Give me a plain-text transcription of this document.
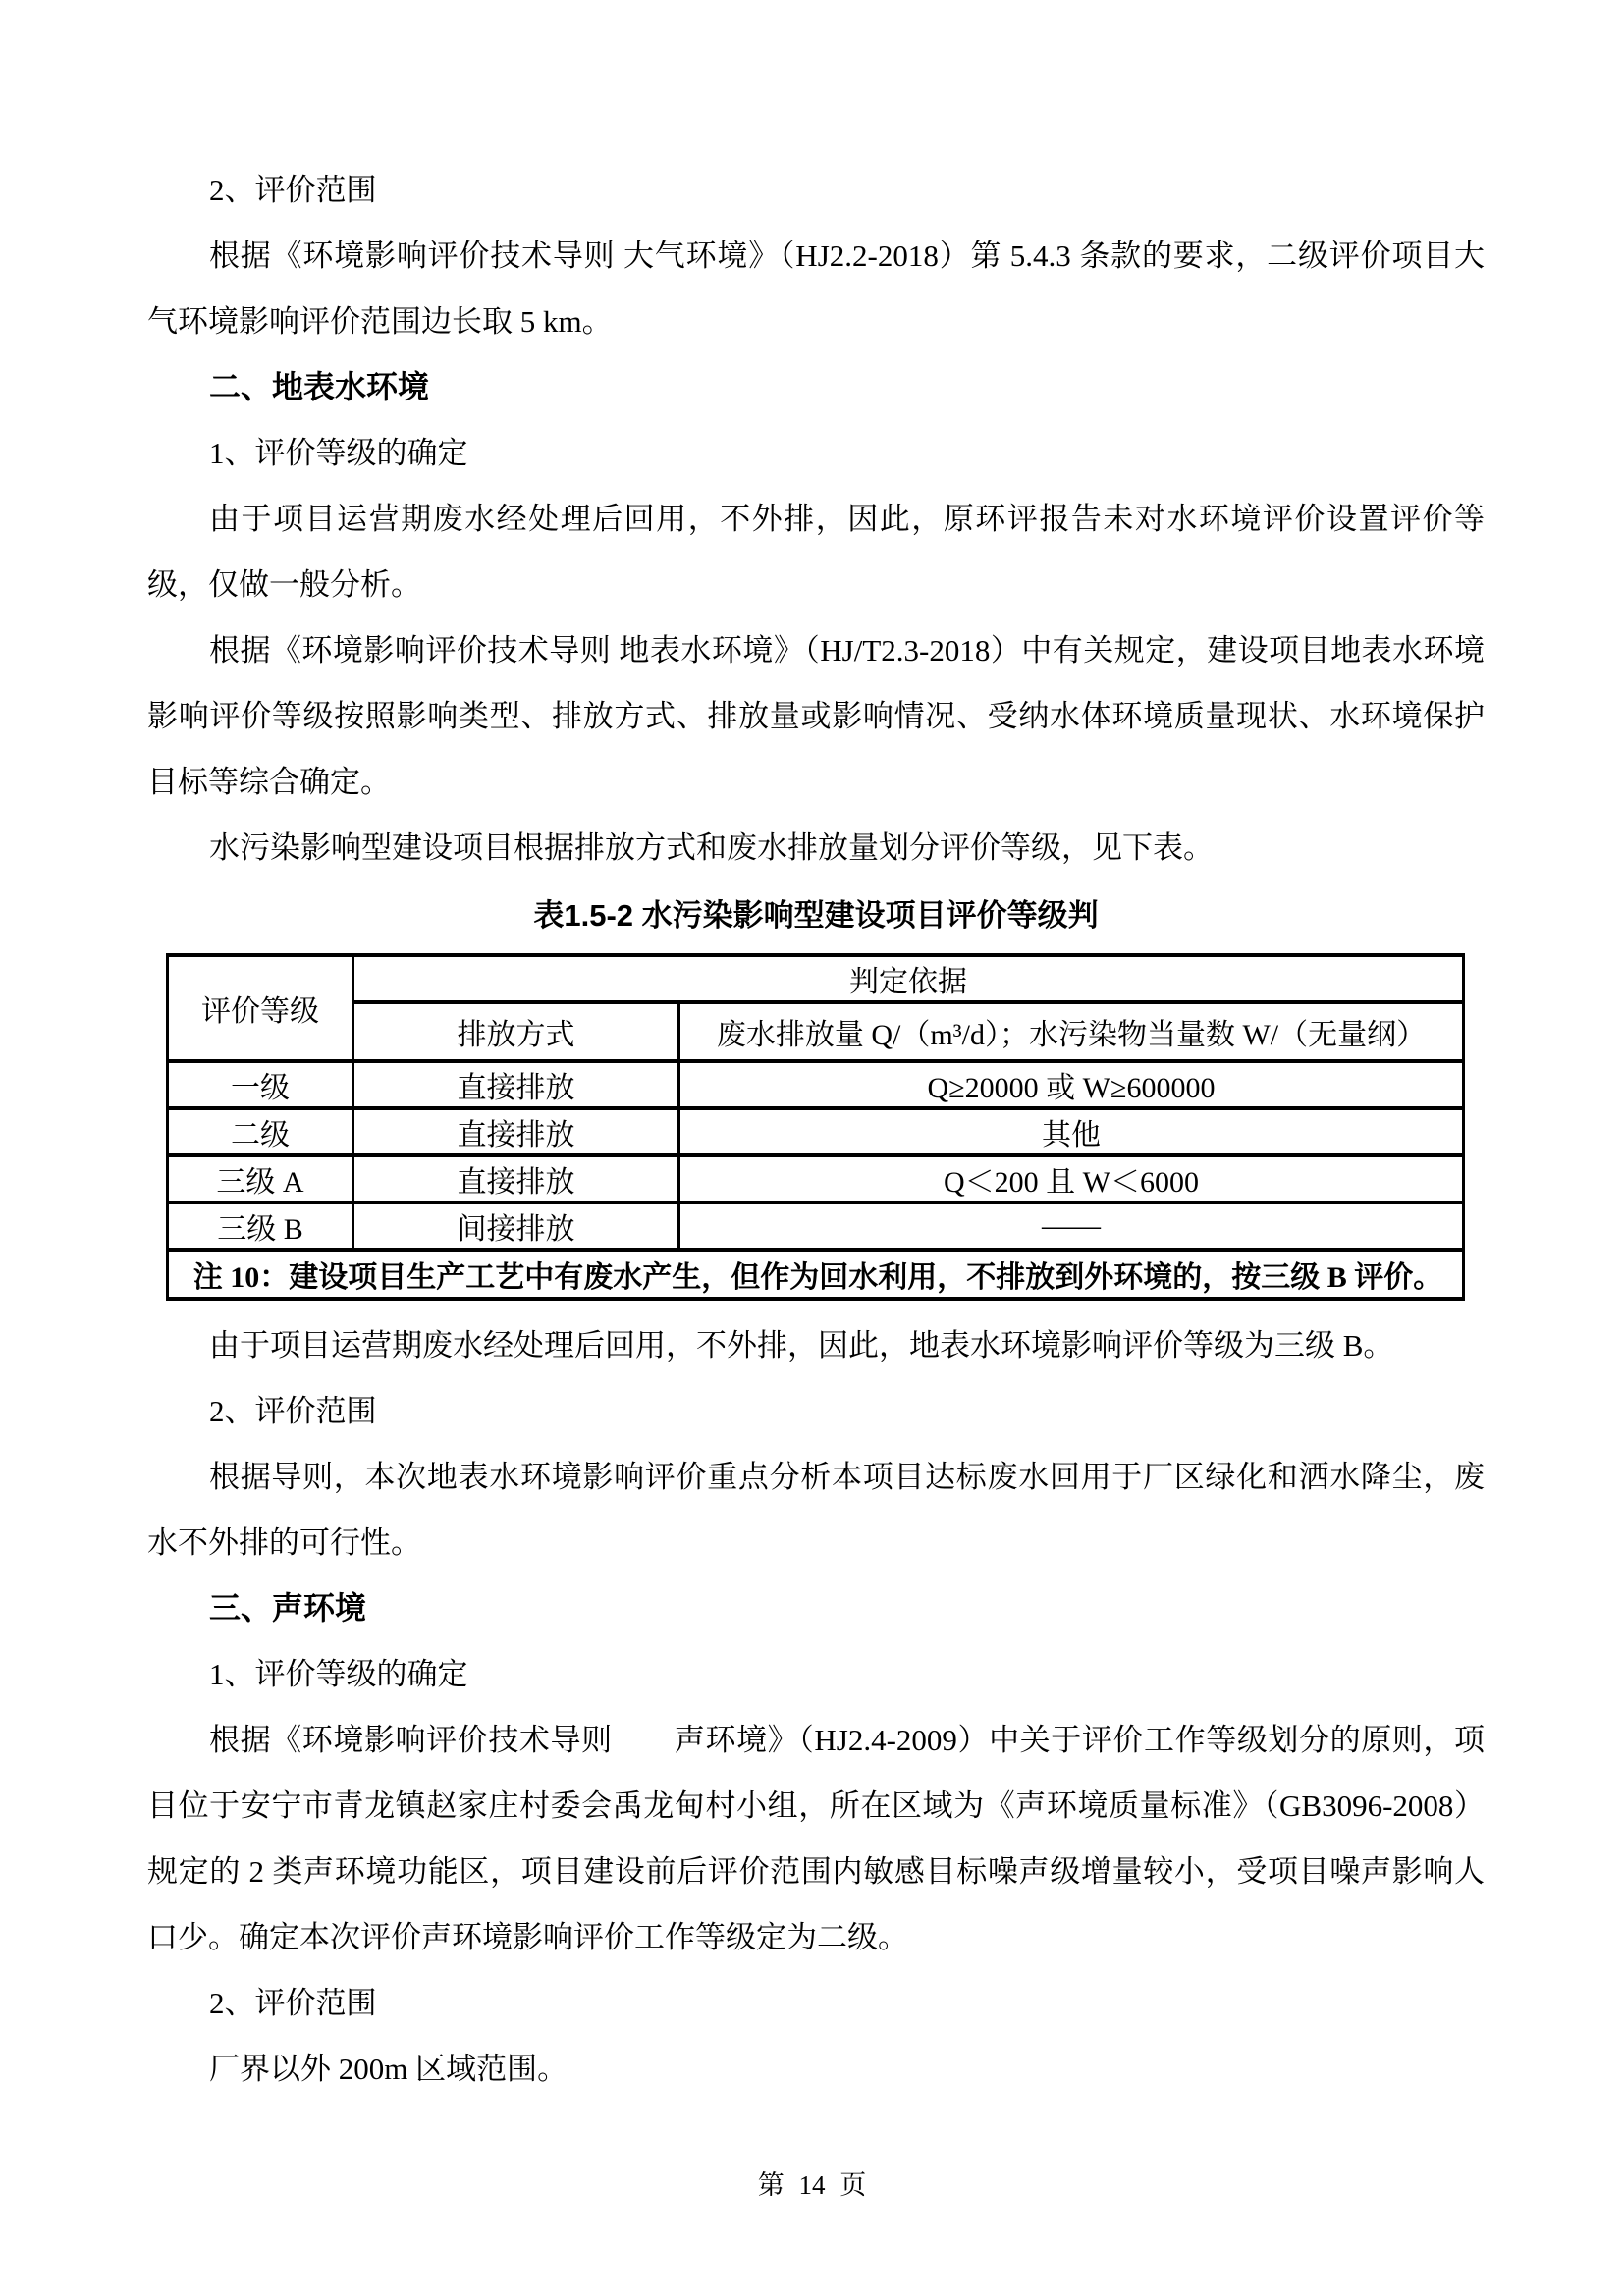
2、评价范围

根据《环境影响评价技术导则 大气环境》（HJ2.2-2018）第 5.4.3 条款的要求，二级评价项目大气环境影响评价范围边长取 5 km。

二、地表水环境

1、评价等级的确定

由于项目运营期废水经处理后回用，不外排，因此，原环评报告未对水环境评价设置评价等级，仅做一般分析。

根据《环境影响评价技术导则 地表水环境》（HJ/T2.3-2018）中有关规定，建设项目地表水环境影响评价等级按照影响类型、排放方式、排放量或影响情况、受纳水体环境质量现状、水环境保护目标等综合确定。

水污染影响型建设项目根据排放方式和废水排放量划分评价等级，见下表。

表1.5-2 水污染影响型建设项目评价等级判

评价等级	判定依据	
	排放方式	废水排放量 Q/（m³/d）；水污染物当量数 W/（无量纲）
一级	直接排放	Q≥20000 或 W≥600000
二级	直接排放	其他
三级 A	直接排放	Q＜200 且 W＜6000
三级 B	间接排放	——
注 10：建设项目生产工艺中有废水产生，但作为回水利用，不排放到外环境的，按三级 B 评价。		

由于项目运营期废水经处理后回用，不外排，因此，地表水环境影响评价等级为三级 B。

2、评价范围

根据导则，本次地表水环境影响评价重点分析本项目达标废水回用于厂区绿化和洒水降尘，废水不外排的可行性。

三、声环境

1、评价等级的确定

根据《环境影响评价技术导则　　声环境》（HJ2.4-2009）中关于评价工作等级划分的原则，项目位于安宁市青龙镇赵家庄村委会禹龙甸村小组，所在区域为《声环境质量标准》（GB3096-2008）规定的 2 类声环境功能区，项目建设前后评价范围内敏感目标噪声级增量较小，受项目噪声影响人口少。确定本次评价声环境影响评价工作等级定为二级。

2、评价范围

厂界以外 200m 区域范围。

第 14 页
